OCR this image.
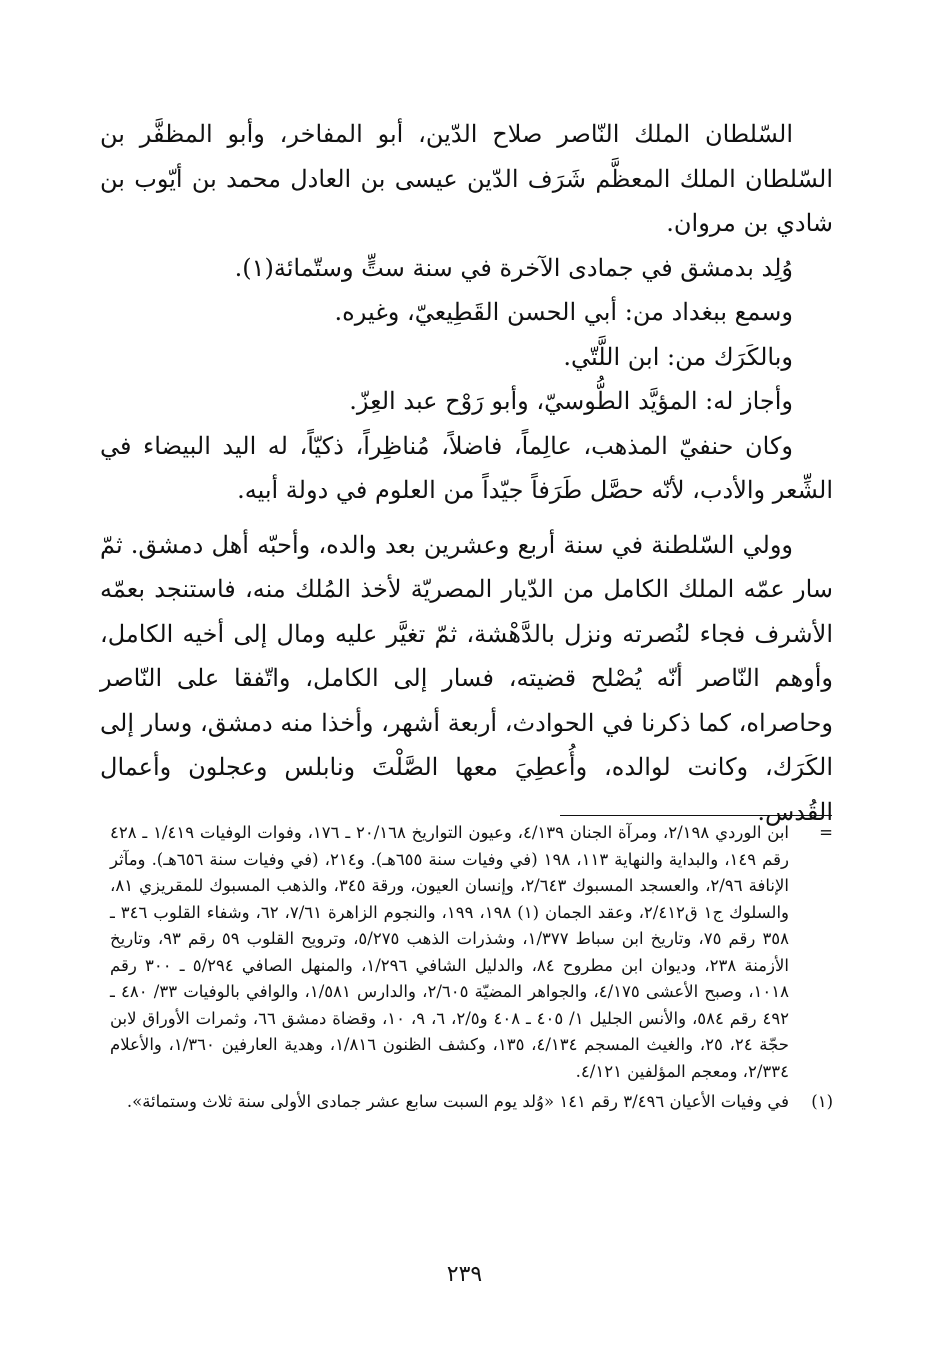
السّلطان الملك النّاصر صلاح الدّين، أبو المفاخر، وأبو المظفَّر بن السّلطان الملك المعظَّم شَرَف الدّين عيسى بن العادل محمد بن أيّوب بن شادي بن مروان.

وُلِد بدمشق في جمادى الآخرة في سنة ستٍّ وستّمائة(١).

وسمع ببغداد من: أبي الحسن القَطِيعيّ، وغيره.

وبالكَرَك من: ابن اللَّتّي.

وأجاز له: المؤيَّد الطُّوسيّ، وأبو رَوْح عبد العِزّ.

وكان حنفيّ المذهب، عالِماً، فاضلاً، مُناظِراً، ذكيّاً، له اليد البيضاء في الشِّعر والأدب، لأنّه حصَّل طَرَفاً جيّداً من العلوم في دولة أبيه.

وولي السّلطنة في سنة أربع وعشرين بعد والده، وأحبّه أهل دمشق. ثمّ سار عمّه الملك الكامل من الدّيار المصريّة لأخذ المُلك منه، فاستنجد بعمّه الأشرف فجاء لنُصرته ونزل بالدَّهْشة، ثمّ تغيَّر عليه ومال إلى أخيه الكامل، وأوهم النّاصر أنّه يُصْلح قضيته، فسار إلى الكامل، واتّفقا على النّاصر وحاصراه، كما ذكرنا في الحوادث، أربعة أشهر، وأخذا منه دمشق، وسار إلى الكَرَك، وكانت لوالده، وأُعطِيَ معها الصَّلْتَ ونابلس وعجلون وأعمال القُدس.

=
ابن الوردي ٢/١٩٨، ومرآة الجنان ٤/١٣٩، وعيون التواريخ ٢٠/١٦٨ ـ ١٧٦، وفوات الوفيات ١/٤١٩ ـ ٤٢٨ رقم ١٤٩، والبداية والنهاية ١١٣، ١٩٨ (في وفيات سنة ٦٥٥هـ). و٢١٤، (في وفيات سنة ٦٥٦هـ). ومآثر الإنافة ٢/٩٦، والعسجد المسبوك ٢/٦٤٣، وإنسان العيون، ورقة ٣٤٥، والذهب المسبوك للمقريزي ٨١، والسلوك ج١ ق٢/٤١٢، وعقد الجمان (١) ١٩٨، ١٩٩، والنجوم الزاهرة ٧/٦١، ٦٢، وشفاء القلوب ٣٤٦ ـ ٣٥٨ رقم ٧٥، وتاريخ ابن سباط ١/٣٧٧، وشذرات الذهب ٥/٢٧٥، وترويح القلوب ٥٩ رقم ٩٣، وتاريخ الأزمنة ٢٣٨، وديوان ابن مطروح ٨٤، والدليل الشافي ١/٢٩٦، والمنهل الصافي ٥/٢٩٤ ـ ٣٠٠ رقم ١٠١٨، وصبح الأعشى ٤/١٧٥، والجواهر المضيّة ٢/٦٠٥، والدارس ١/٥٨١، والوافي بالوفيات ٣٣/ ٤٨٠ ـ ٤٩٢ رقم ٥٨٤، والأنس الجليل ١/ ٤٠٥ ـ ٤٠٨ و٢/٥، ٦، ٩، ١٠، وقضاة دمشق ٦٦، وثمرات الأوراق لابن حجّة ٢٤، ٢٥، والغيث المسجم ٤/١٣٤، ١٣٥، وكشف الظنون ١/٨١٦، وهدية العارفين ١/٣٦٠، والأعلام ٢/٣٣٤، ومعجم المؤلفين ٤/١٢١.
(١)
في وفيات الأعيان ٣/٤٩٦ رقم ١٤١ «وُلد يوم السبت سابع عشر جمادى الأولى سنة ثلاث وستمائة».
٢٣٩
